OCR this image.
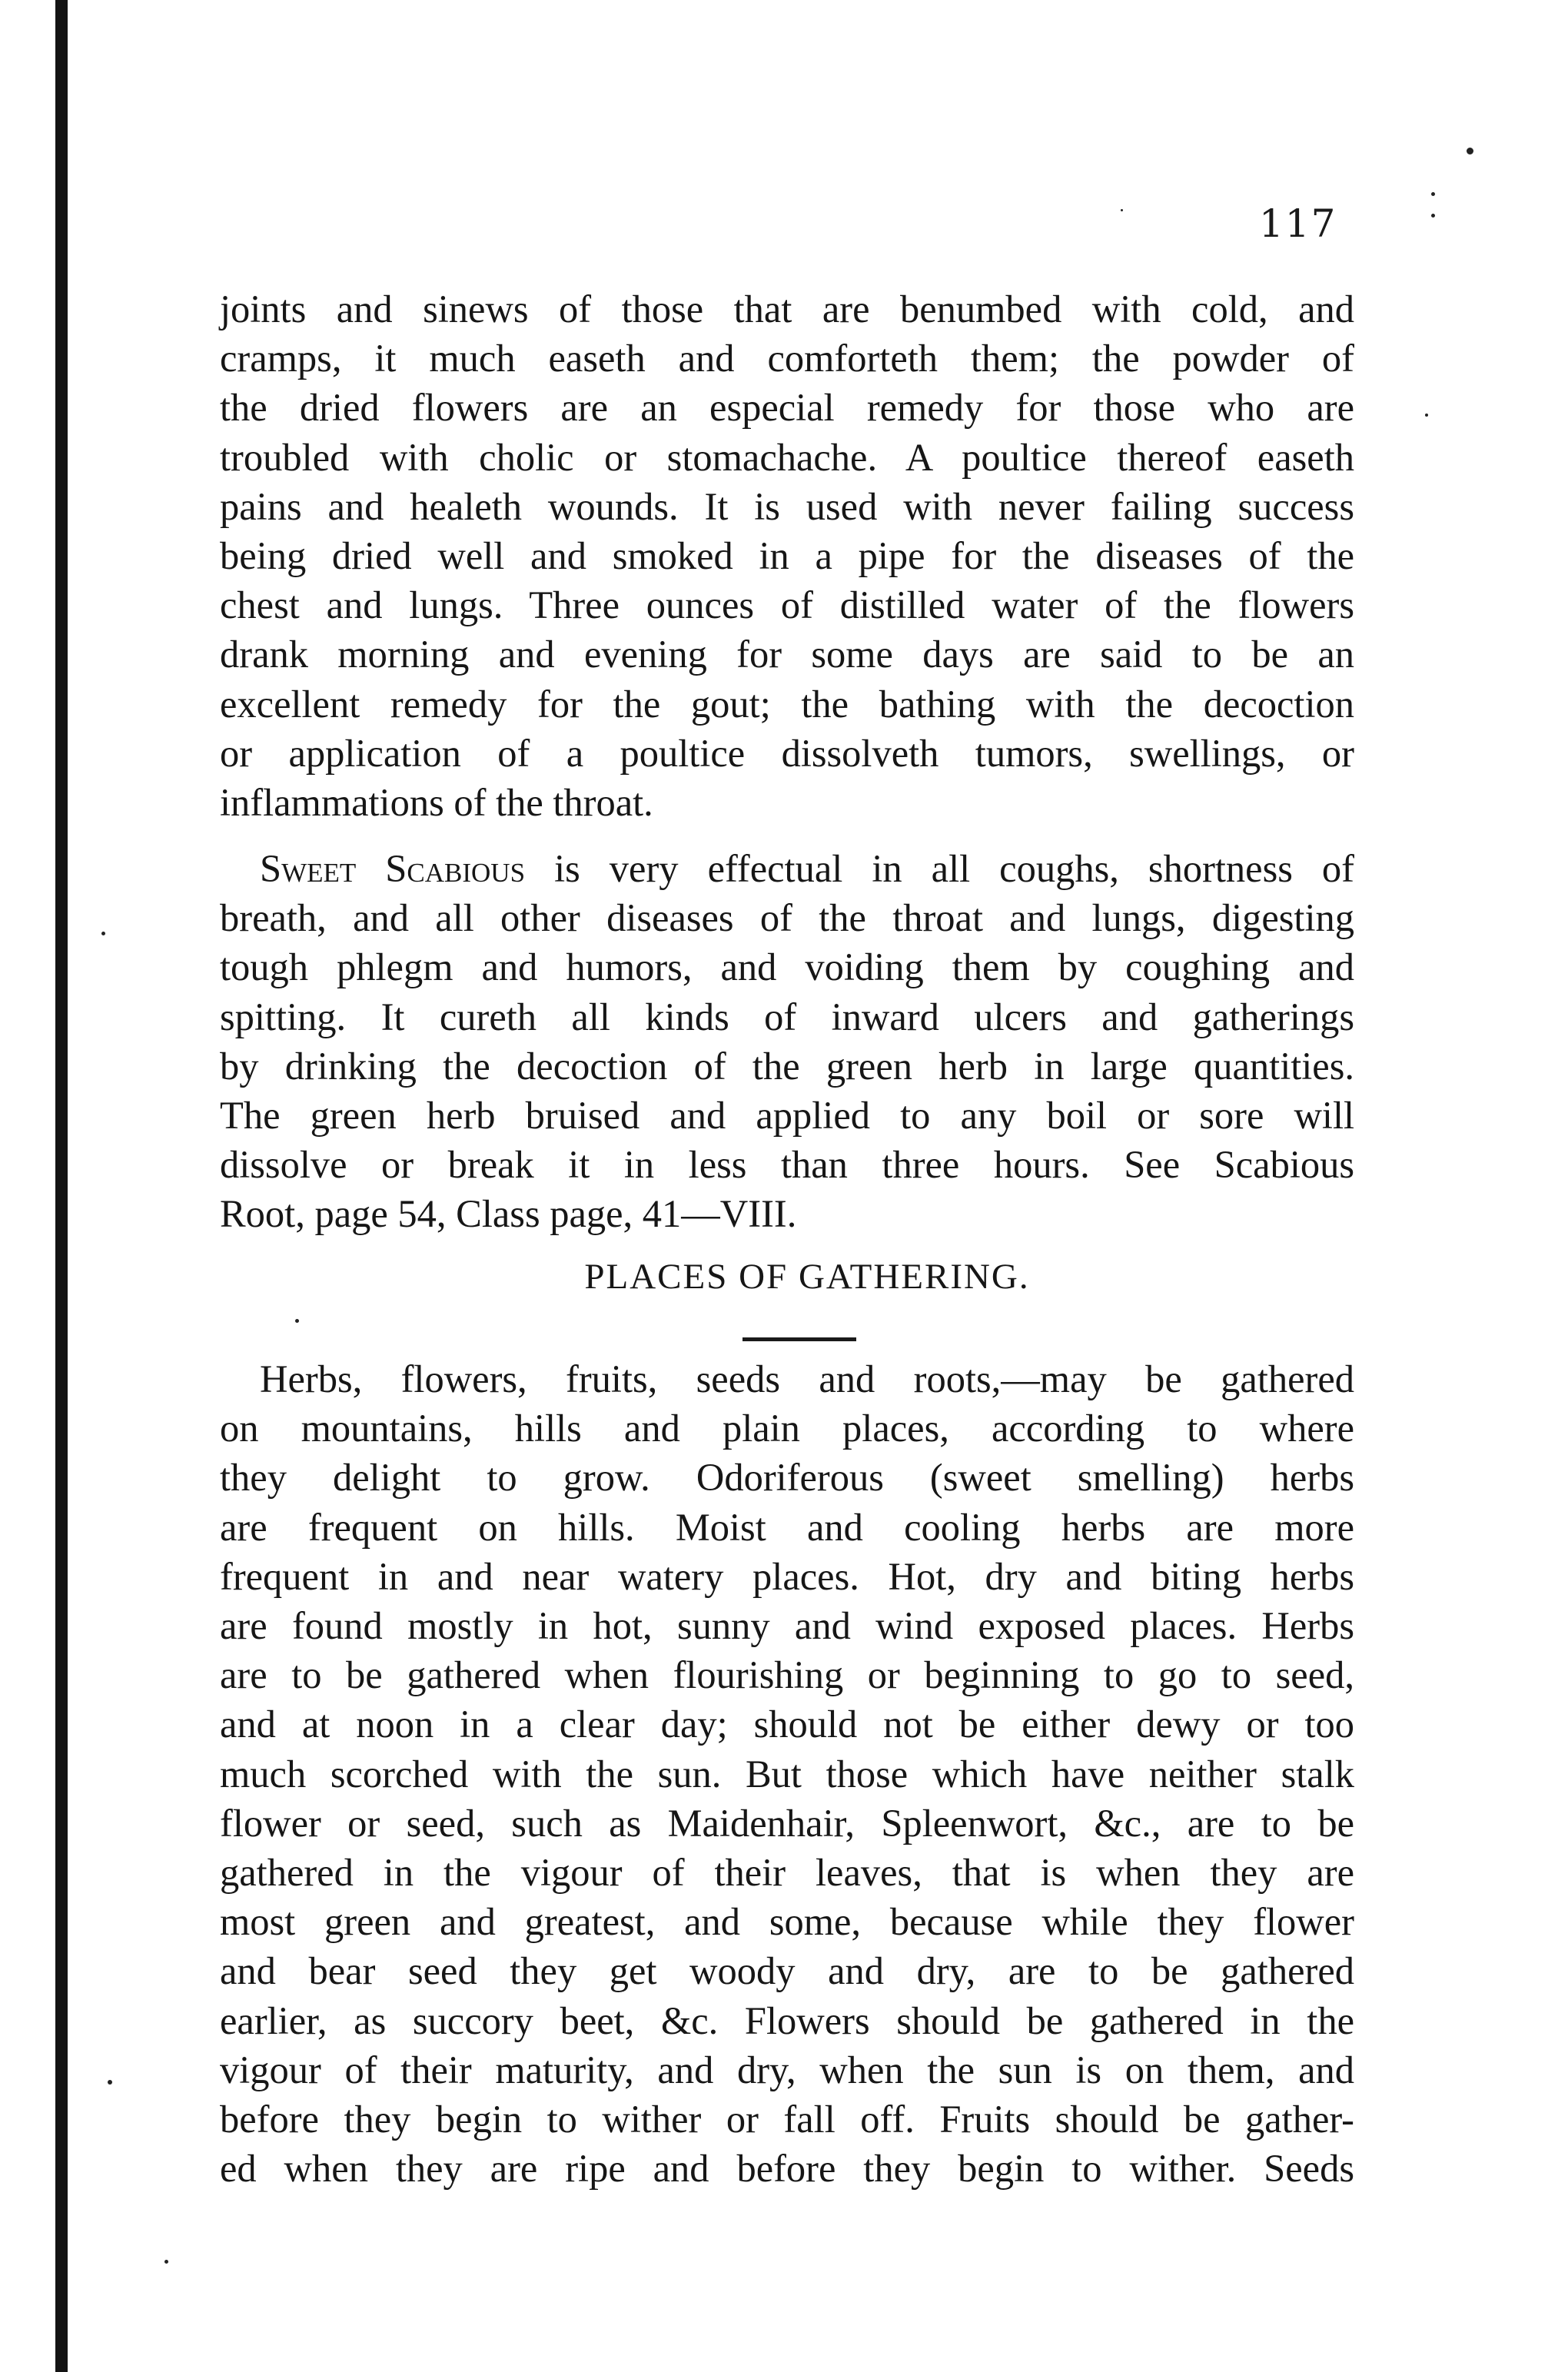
117
joints and sinews of those that are benumbed with cold, and
cramps, it much easeth and comforteth them; the powder of
the dried flowers are an especial remedy for those who are
troubled with cholic or stomachache. A poultice thereof easeth
pains and healeth wounds. It is used with never failing success
being dried well and smoked in a pipe for the diseases of the
chest and lungs. Three ounces of distilled water of the flowers
drank morning and evening for some days are said to be an
excellent remedy for the gout; the bathing with the decoction
or application of a poultice dissolveth tumors, swellings, or
inflammations of the throat.
Sweet Scabious is very effectual in all coughs, shortness of
breath, and all other diseases of the throat and lungs, digesting
tough phlegm and humors, and voiding them by coughing and
spitting. It cureth all kinds of inward ulcers and gatherings
by drinking the decoction of the green herb in large quantities.
The green herb bruised and applied to any boil or sore will
dissolve or break it in less than three hours. See Scabious
Root, page 54, Class page, 41—VIII.
PLACES OF GATHERING.
Herbs, flowers, fruits, seeds and roots,—may be gathered
on mountains, hills and plain places, according to where
they delight to grow. Odoriferous (sweet smelling) herbs
are frequent on hills. Moist and cooling herbs are more
frequent in and near watery places. Hot, dry and biting herbs
are found mostly in hot, sunny and wind exposed places. Herbs
are to be gathered when flourishing or beginning to go to seed,
and at noon in a clear day; should not be either dewy or too
much scorched with the sun. But those which have neither stalk
flower or seed, such as Maidenhair, Spleenwort, &c., are to be
gathered in the vigour of their leaves, that is when they are
most green and greatest, and some, because while they flower
and bear seed they get woody and dry, are to be gathered
earlier, as succory beet, &c. Flowers should be gathered in the
vigour of their maturity, and dry, when the sun is on them, and
before they begin to wither or fall off. Fruits should be gather-
ed when they are ripe and before they begin to wither. Seeds
